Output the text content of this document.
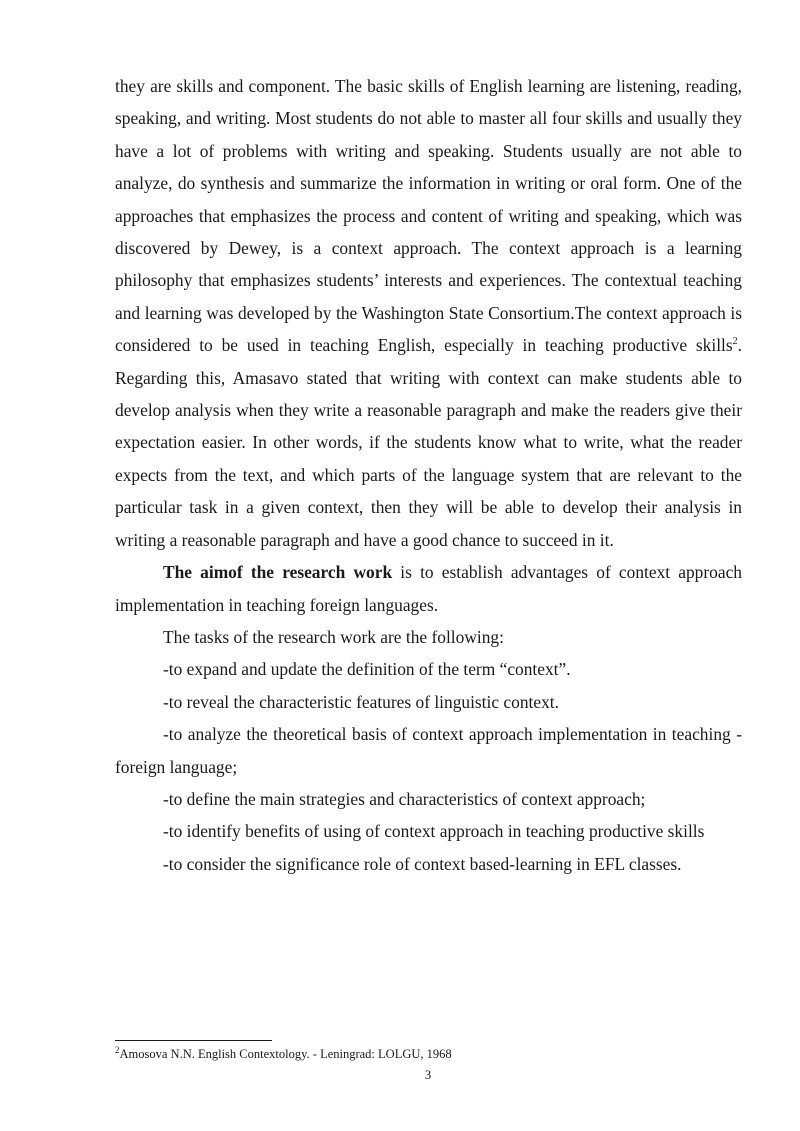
they are skills and component. The basic skills of English learning are listening, reading, speaking, and writing. Most students do not able to master all four skills and usually they have a lot of problems with writing and speaking. Students usually are not able to analyze, do synthesis and summarize the information in writing or oral form. One of the approaches that emphasizes the process and content of writing and speaking, which was discovered by Dewey, is a context approach. The context approach is a learning philosophy that emphasizes students’ interests and experiences. The contextual teaching and learning was developed by the Washington State Consortium.The context approach is considered to be used in teaching English, especially in teaching productive skills$^2$. Regarding this, Amasavo stated that writing with context can make students able to develop analysis when they write a reasonable paragraph and make the readers give their expectation easier. In other words, if the students know what to write, what the reader expects from the text, and which parts of the language system that are relevant to the particular task in a given context, then they will be able to develop their analysis in writing a reasonable paragraph and have a good chance to succeed in it.

The aimof the research work is to establish advantages of context approach implementation in teaching foreign languages.

The tasks of the research work are the following:

-to expand and update the definition of the term “context”.

-to reveal the characteristic features of linguistic context.

-to analyze the theoretical basis of context approach implementation in teaching -foreign language;

-to define the main strategies and characteristics of context approach;

-to identify benefits of using of context approach in teaching productive skills

-to consider the significance role of context based-learning in EFL classes.

$^2$Amosova N.N. English Contextology. - Leningrad: LOLGU, 1968

3
